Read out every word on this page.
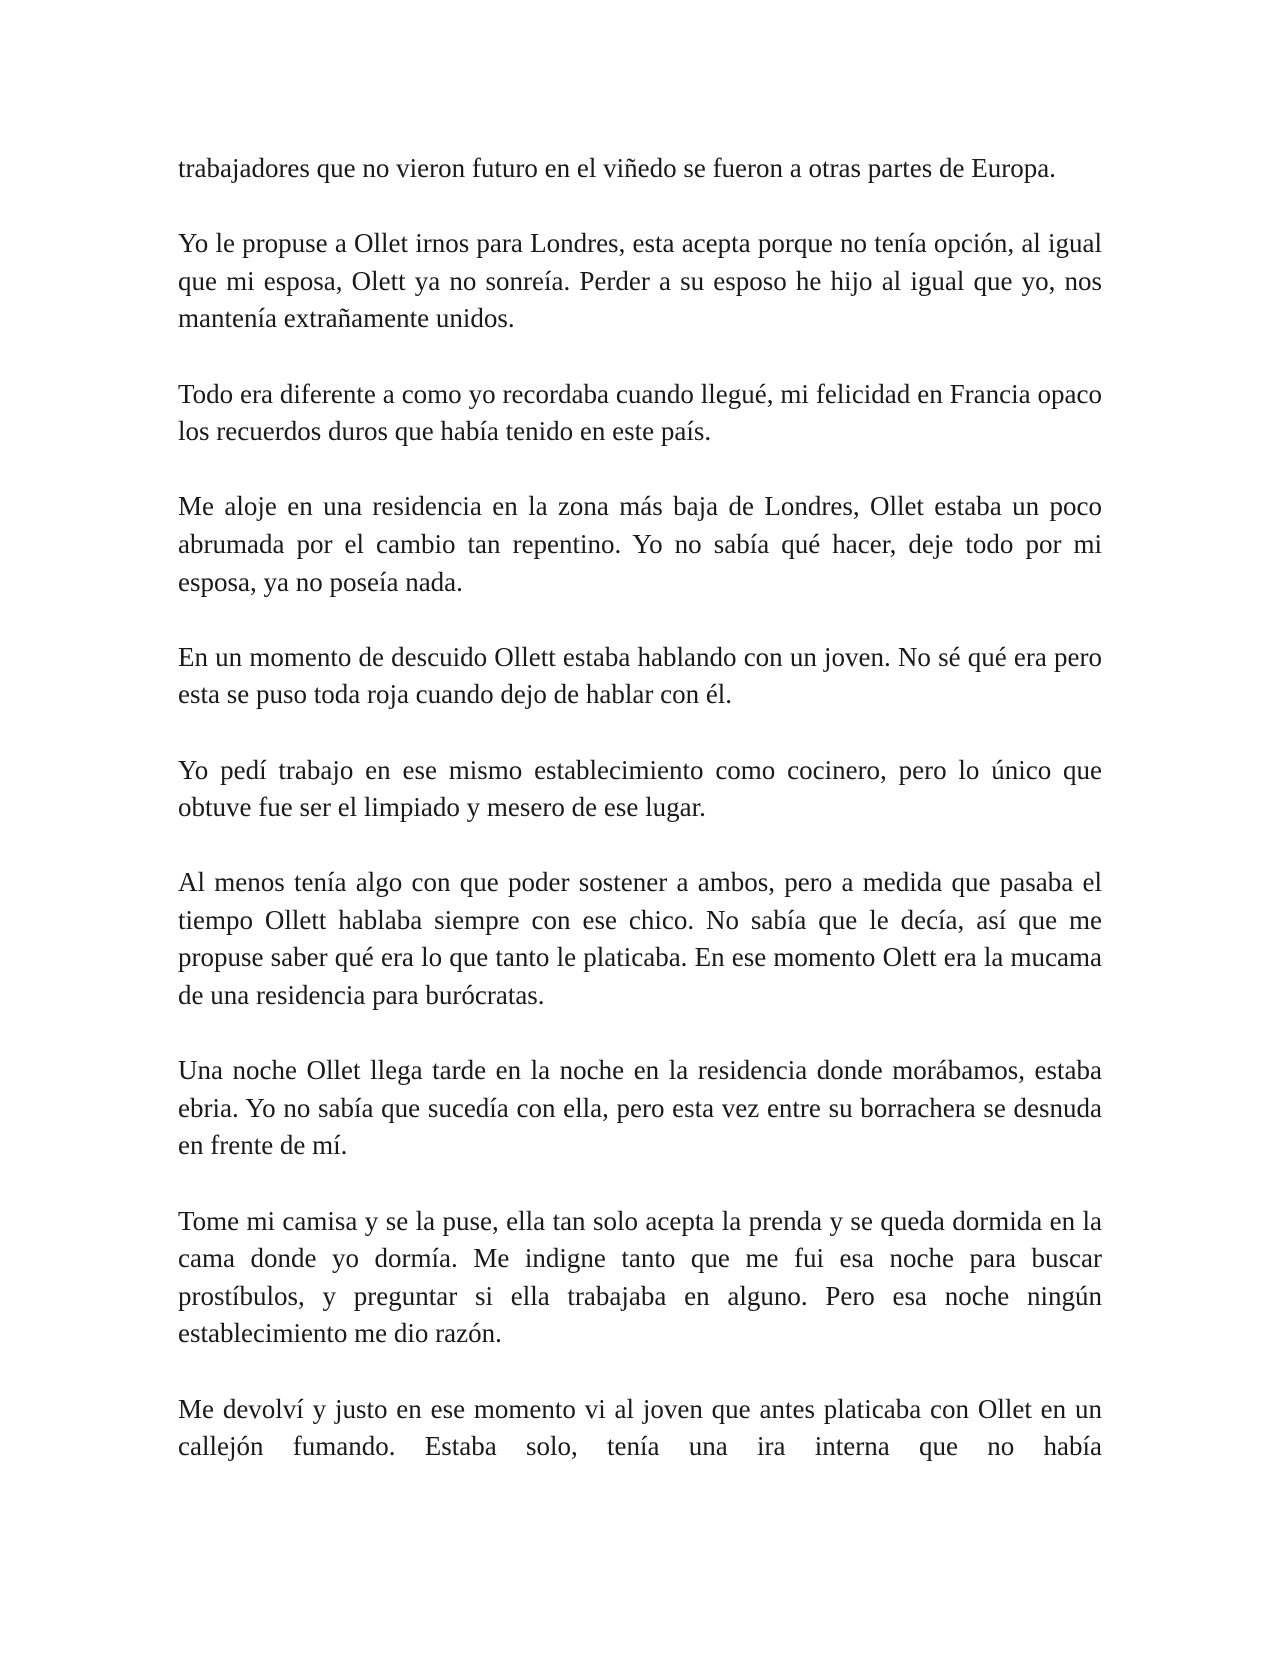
trabajadores que no vieron futuro en el viñedo se fueron a otras partes de Europa.

Yo le propuse a Ollet irnos para Londres, esta acepta porque no tenía opción, al igual que mi esposa, Olett ya no sonreía. Perder a su esposo he hijo al igual que yo, nos mantenía extrañamente unidos.

Todo era diferente a como yo recordaba cuando llegué, mi felicidad en Francia opaco los recuerdos duros que había tenido en este país.

Me aloje en una residencia en la zona más baja de Londres, Ollet estaba un poco abrumada por el cambio tan repentino. Yo no sabía qué hacer, deje todo por mi esposa, ya no poseía nada.

En un momento de descuido Ollett estaba hablando con un joven. No sé qué era pero esta se puso toda roja cuando dejo de hablar con él.

Yo pedí trabajo en ese mismo establecimiento como cocinero, pero lo único que obtuve fue ser el limpiado y mesero de ese lugar.

Al menos tenía algo con que poder sostener a ambos, pero a medida que pasaba el tiempo Ollett hablaba siempre con ese chico. No sabía que le decía, así que me propuse saber qué era lo que tanto le platicaba. En ese momento Olett era la mucama de una residencia para burócratas.

Una noche Ollet llega tarde en la noche en la residencia donde morábamos, estaba ebria. Yo no sabía que sucedía con ella, pero esta vez entre su borrachera se desnuda en frente de mí.

Tome mi camisa y se la puse, ella tan solo acepta la prenda y se queda dormida en la cama donde yo dormía. Me indigne tanto que me fui esa noche para buscar prostíbulos, y preguntar si ella trabajaba en alguno. Pero esa noche ningún establecimiento me dio razón.

Me devolví y justo en ese momento vi al joven que antes platicaba con Ollet en un callejón fumando. Estaba solo, tenía una ira interna que no había
